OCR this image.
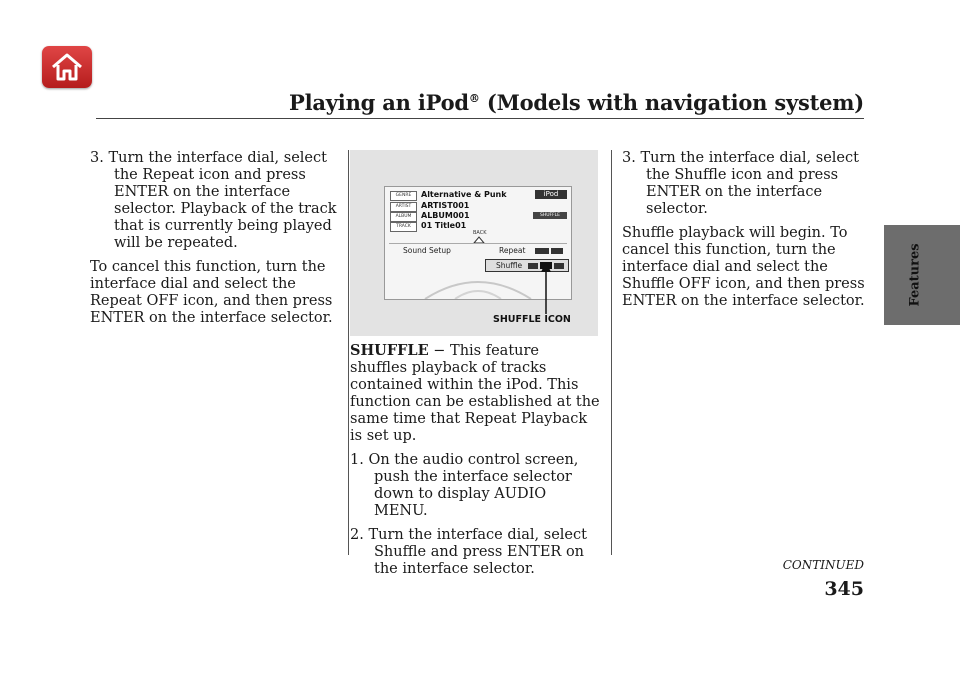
Playing an iPod® (Models with navigation system)
Features

3. Turn the interface dial, select the Repeat icon and press ENTER on the interface selector. Playback of the track that is currently being played will be repeated.

To cancel this function, turn the interface dial and select the Repeat OFF icon, and then press ENTER on the interface selector.

GENRE	Alternative & Punk
ARTIST	ARTIST001
ALBUM	ALBUM001
TRACK	01 Title01
iPod
SHUFFLE
BACK
Sound Setup	Repeat
Shuffle
SHUFFLE ICON

SHUFFLE − This feature shuffles playback of tracks contained within the iPod. This function can be established at the same time that Repeat Playback is set up.

1. On the audio control screen, push the interface selector down to display AUDIO MENU.

2. Turn the interface dial, select Shuffle and press ENTER on the interface selector.

3. Turn the interface dial, select the Shuffle icon and press ENTER on the interface selector.

Shuffle playback will begin. To cancel this function, turn the interface dial and select the Shuffle OFF icon, and then press ENTER on the interface selector.

CONTINUED
345
